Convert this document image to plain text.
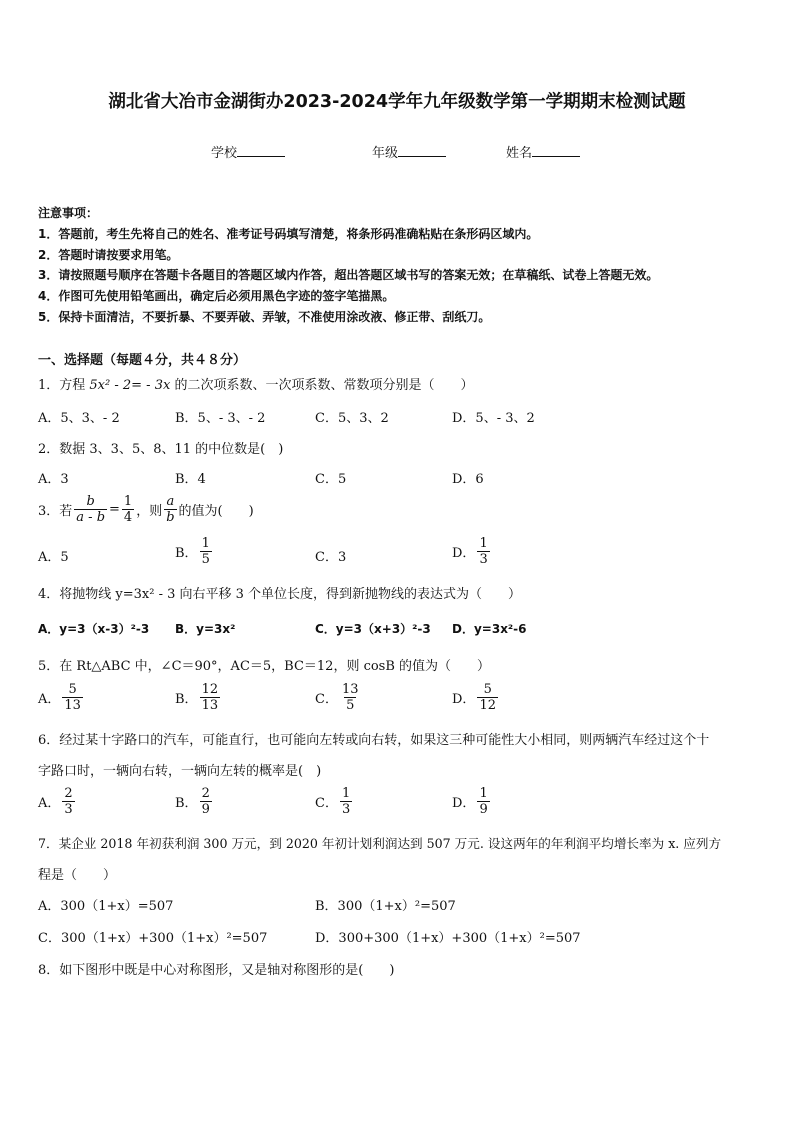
湖北省大冶市金湖街办2023-2024学年九年级数学第一学期期末检测试题
学校	年级	姓名
注意事项：
1．答题前，考生先将自己的姓名、准考证号码填写清楚，将条形码准确粘贴在条形码区域内。
2．答题时请按要求用笔。
3．请按照题号顺序在答题卡各题目的答题区域内作答，超出答题区域书写的答案无效；在草稿纸、试卷上答题无效。
4．作图可先使用铅笔画出，确定后必须用黑色字迹的签字笔描黑。
5．保持卡面清洁，不要折暴、不要弄破、弄皱，不准使用涂改液、修正带、刮纸刀。
一、选择题（每题４分，共４８分）
1．方程 5x² - 2= - 3x 的二次项系数、一次项系数、常数项分别是（　　）
A．5、3、- 2	B．5、- 3、- 2	C．5、3、2	D．5、- 3、2
2．数据 3、3、5、8、11 的中位数是(　)
A．3	B．4	C．5	D．6
3．若 $\frac{b}{a - b} = \frac{1}{4}$ ，则 $\frac{a}{b}$ 的值为(　　)
A．5	B． $\frac{1}{5}$	C．3	D． $\frac{1}{3}$
4．将抛物线 y=3x² - 3 向右平移 3 个单位长度，得到新抛物线的表达式为（　　）
A．y=3（x-3）²-3 B．y=3x²	C．y=3（x+3）²-3 D．y=3x²-6
5．在 Rt△ABC 中，∠C＝90°，AC＝5，BC＝12，则 cosB 的值为（　　）
A． $\frac{5}{13}$	B． $\frac{12}{13}$	C． $\frac{13}{5}$	D． $\frac{5}{12}$
6．经过某十字路口的汽车，可能直行，也可能向左转或向右转，如果这三种可能性大小相同，则两辆汽车经过这个十
字路口时，一辆向右转，一辆向左转的概率是(　)
A． $\frac{2}{3}$	B． $\frac{2}{9}$	C． $\frac{1}{3}$	D． $\frac{1}{9}$
7．某企业 2018 年初获利润 300 万元，到 2020 年初计划利润达到 507 万元. 设这两年的年利润平均增长率为 x. 应列方
程是（　　）
A．300（1+x）=507	B．300（1+x）²=507
C．300（1+x）+300（1+x）²=507	D．300+300（1+x）+300（1+x）²=507
8．如下图形中既是中心对称图形，又是轴对称图形的是(　　)
